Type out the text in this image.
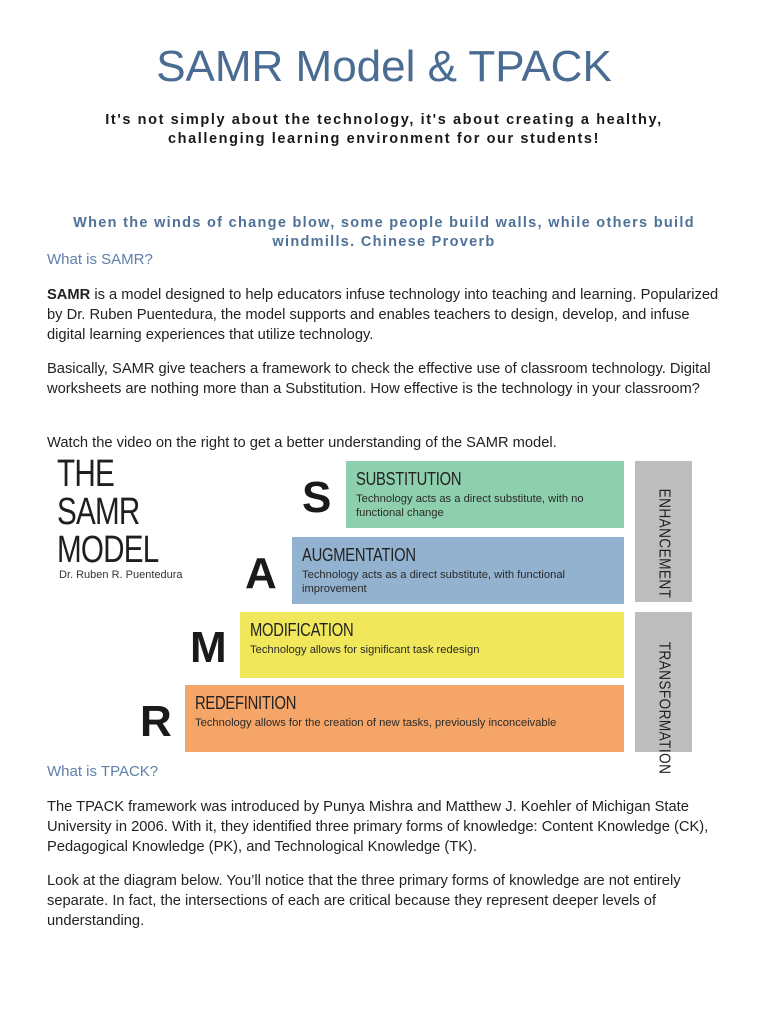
SAMR Model & TPACK
It's not simply about the technology, it's about creating a healthy, challenging learning environment for our students!
When the winds of change blow, some people build walls, while others build windmills. Chinese Proverb
What is SAMR?
SAMR is a model designed to help educators infuse technology into teaching and learning. Popularized by Dr. Ruben Puentedura, the model supports and enables teachers to design, develop, and infuse digital learning experiences that utilize technology.
Basically, SAMR give teachers a framework to check the effective use of classroom technology. Digital worksheets are nothing more than a Substitution. How effective is the technology in your classroom?
Watch the video on the right to get a better understanding of the SAMR model.
THE
SAMR
MODEL
Dr. Ruben R. Puentedura
S SUBSTITUTION
Technology acts as a direct substitute, with no functional change
A AUGMENTATION
Technology acts as a direct substitute, with functional improvement
M MODIFICATION
Technology allows for significant task redesign
R REDEFINITION
Technology allows for the creation of new tasks, previously inconceivable
ENHANCEMENT
TRANSFORMATION
What is TPACK?
The TPACK framework was introduced by Punya Mishra and Matthew J. Koehler of Michigan State University in 2006. With it, they identified three primary forms of knowledge: Content Knowledge (CK), Pedagogical Knowledge (PK), and Technological Knowledge (TK).
Look at the diagram below. You’ll notice that the three primary forms of knowledge are not entirely separate. In fact, the intersections of each are critical because they represent deeper levels of understanding.
